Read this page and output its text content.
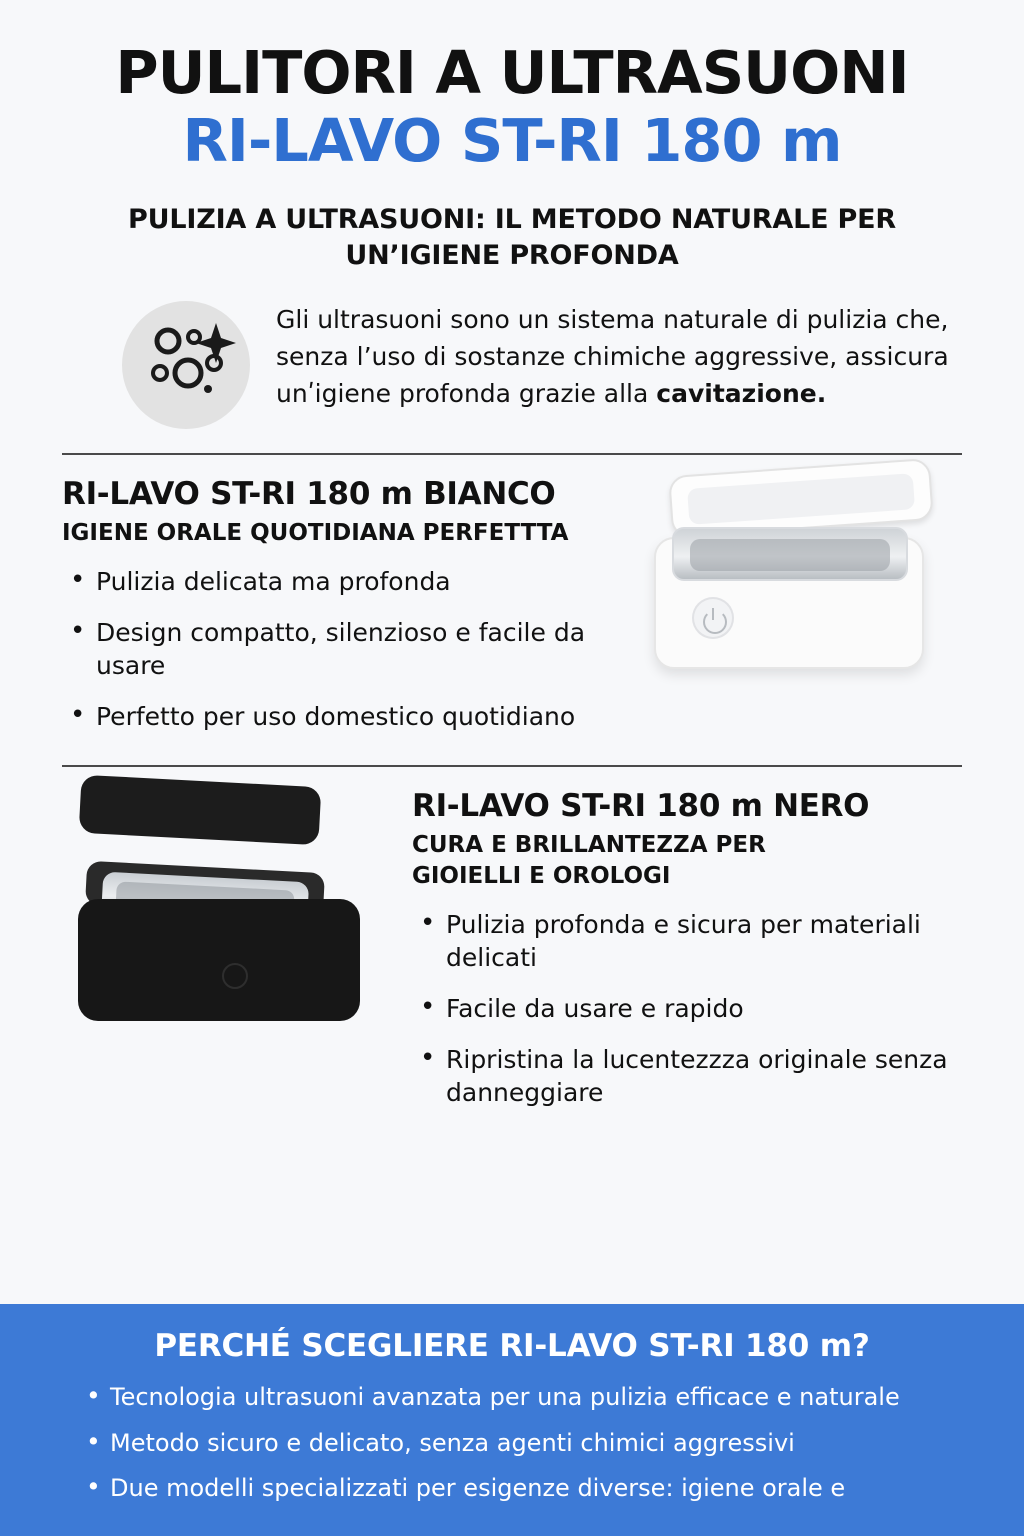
PULITORI A ULTRASUONI
RI-LAVO ST-RI 180 m
PULIZIA A ULTRASUONI: IL METODO NATURALE PER UN’IGIENE PROFONDA
Gli ultrasuoni sono un sistema naturale di pulizia che, senza l’uso di sostanze chimiche aggressive, assicura unʹigiene profonda grazie alla cavitazione.
RI-LAVO ST-RI 180 m BIANCO
IGIENE ORALE QUOTIDIANA PERFETTTA
• Pulizia delicata ma profonda
• Design compatto, silenzioso e facile da usare
• Perfetto per uso domestico quotidiano
RI-LAVO ST-RI 180 m NERO
CURA E BRILLANTEZZA PER
GIOIELLI E OROLOGI
• Pulizia profonda e sicura per materiali delicati
• Facile da usare e rapido
• Ripristina la lucentezzza originale senza danneggiare
PERCHÉ SCEGLIERE RI-LAVO ST-RI 180 m?
• Tecnologia ultrasuoni avanzata per una pulizia efficace e naturale
• Metodo sicuro e delicato, senza agenti chimici aggressivi
• Due modelli specializzati per esigenze diverse: igiene orale e
